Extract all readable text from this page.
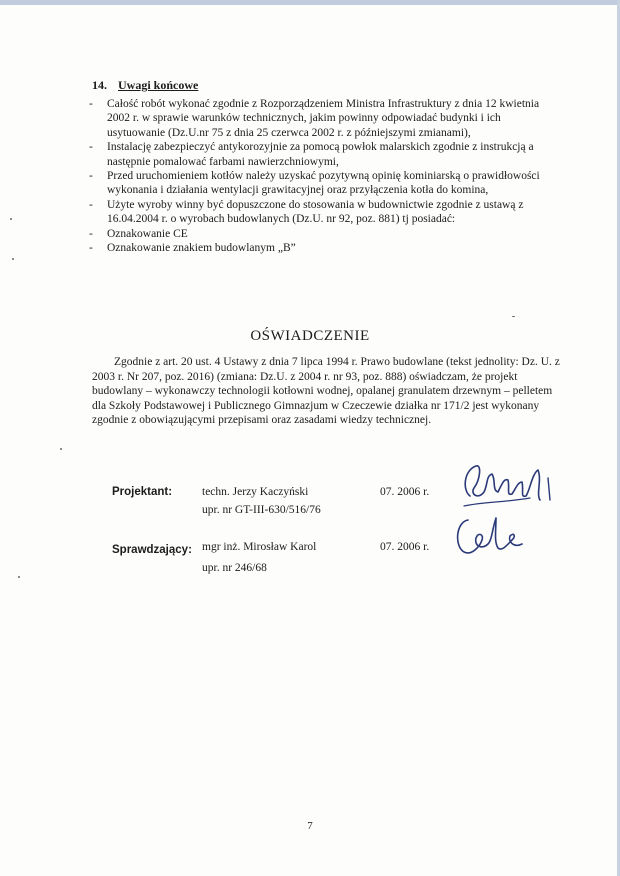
14. Uwagi końcowe
- Całość robót wykonać zgodnie z Rozporządzeniem Ministra Infrastruktury z dnia 12 kwietnia 2002 r. w sprawie warunków technicznych, jakim powinny odpowiadać budynki i ich usytuowanie (Dz.U.nr 75 z dnia 25 czerwca 2002 r. z późniejszymi zmianami),
- Instalację zabezpieczyć antykorozyjnie za pomocą powłok malarskich zgodnie z instrukcją a następnie pomalować farbami nawierzchniowymi,
- Przed uruchomieniem kotłów należy uzyskać pozytywną opinię kominiarską o prawidłowości wykonania i działania wentylacji grawitacyjnej oraz przyłączenia kotła do komina,
- Użyte wyroby winny być dopuszczone do stosowania w budownictwie zgodnie z ustawą z 16.04.2004 r. o wyrobach budowlanych (Dz.U. nr 92, poz. 881) tj posiadać:
- Oznakowanie CE
- Oznakowanie znakiem budowlanym „B”
OŚWIADCZENIE

Zgodnie z art. 20 ust. 4 Ustawy z dnia 7 lipca 1994 r. Prawo budowlane (tekst jednolity: Dz. U. z 2003 r. Nr 207, poz. 2016) (zmiana: Dz.U. z 2004 r. nr 93, poz. 888) oświadczam, że projekt budowlany – wykonawczy technologii kotłowni wodnej, opalanej granulatem drzewnym – pelletem dla Szkoły Podstawowej i Publicznego Gimnazjum w Czeczewie działka nr 171/2 jest wykonany zgodnie z obowiązującymi przepisami oraz zasadami wiedzy technicznej.

Projektant:	techn. Jerzy Kaczyński
upr. nr GT-III-630/516/76
07. 2006 r.
Sprawdzający: mgr inż. Mirosław Karol
upr. nr 246/68
07. 2006 r.
7
